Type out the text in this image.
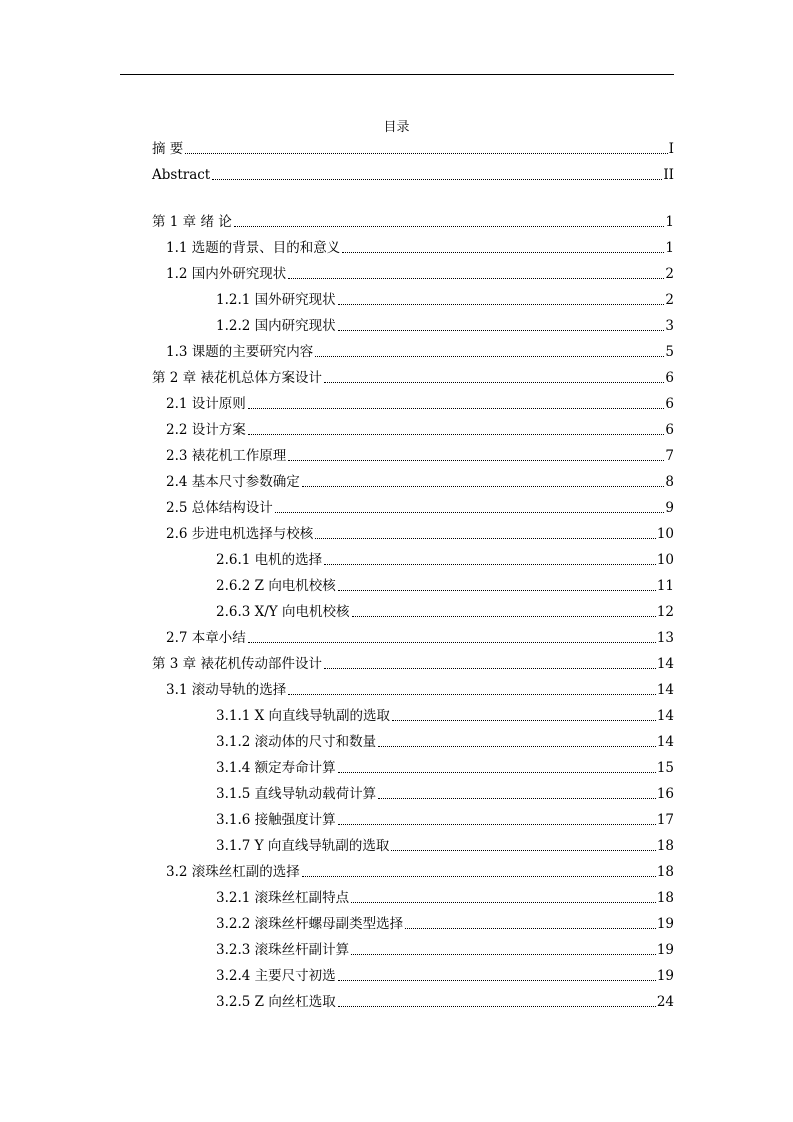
目录
摘 要	I
Abstract	II
第 1 章 绪 论	1
1.1 选题的背景、目的和意义	1
1.2 国内外研究现状	2
1.2.1 国外研究现状	2
1.2.2 国内研究现状	3
1.3 课题的主要研究内容	5
第 2 章 裱花机总体方案设计	6
2.1 设计原则	6
2.2 设计方案	6
2.3 裱花机工作原理	7
2.4 基本尺寸参数确定	8
2.5 总体结构设计	9
2.6 步进电机选择与校核	10
2.6.1 电机的选择	10
2.6.2 Z 向电机校核	11
2.6.3 X/Y 向电机校核	12
2.7 本章小结	13
第 3 章 裱花机传动部件设计	14
3.1 滚动导轨的选择	14
3.1.1 X 向直线导轨副的选取	14
3.1.2 滚动体的尺寸和数量	14
3.1.4 额定寿命计算	15
3.1.5 直线导轨动载荷计算	16
3.1.6 接触强度计算	17
3.1.7 Y 向直线导轨副的选取	18
3.2 滚珠丝杠副的选择	18
3.2.1 滚珠丝杠副特点	18
3.2.2 滚珠丝杆螺母副类型选择	19
3.2.3 滚珠丝杆副计算	19
3.2.4 主要尺寸初选	19
3.2.5 Z 向丝杠选取	24
